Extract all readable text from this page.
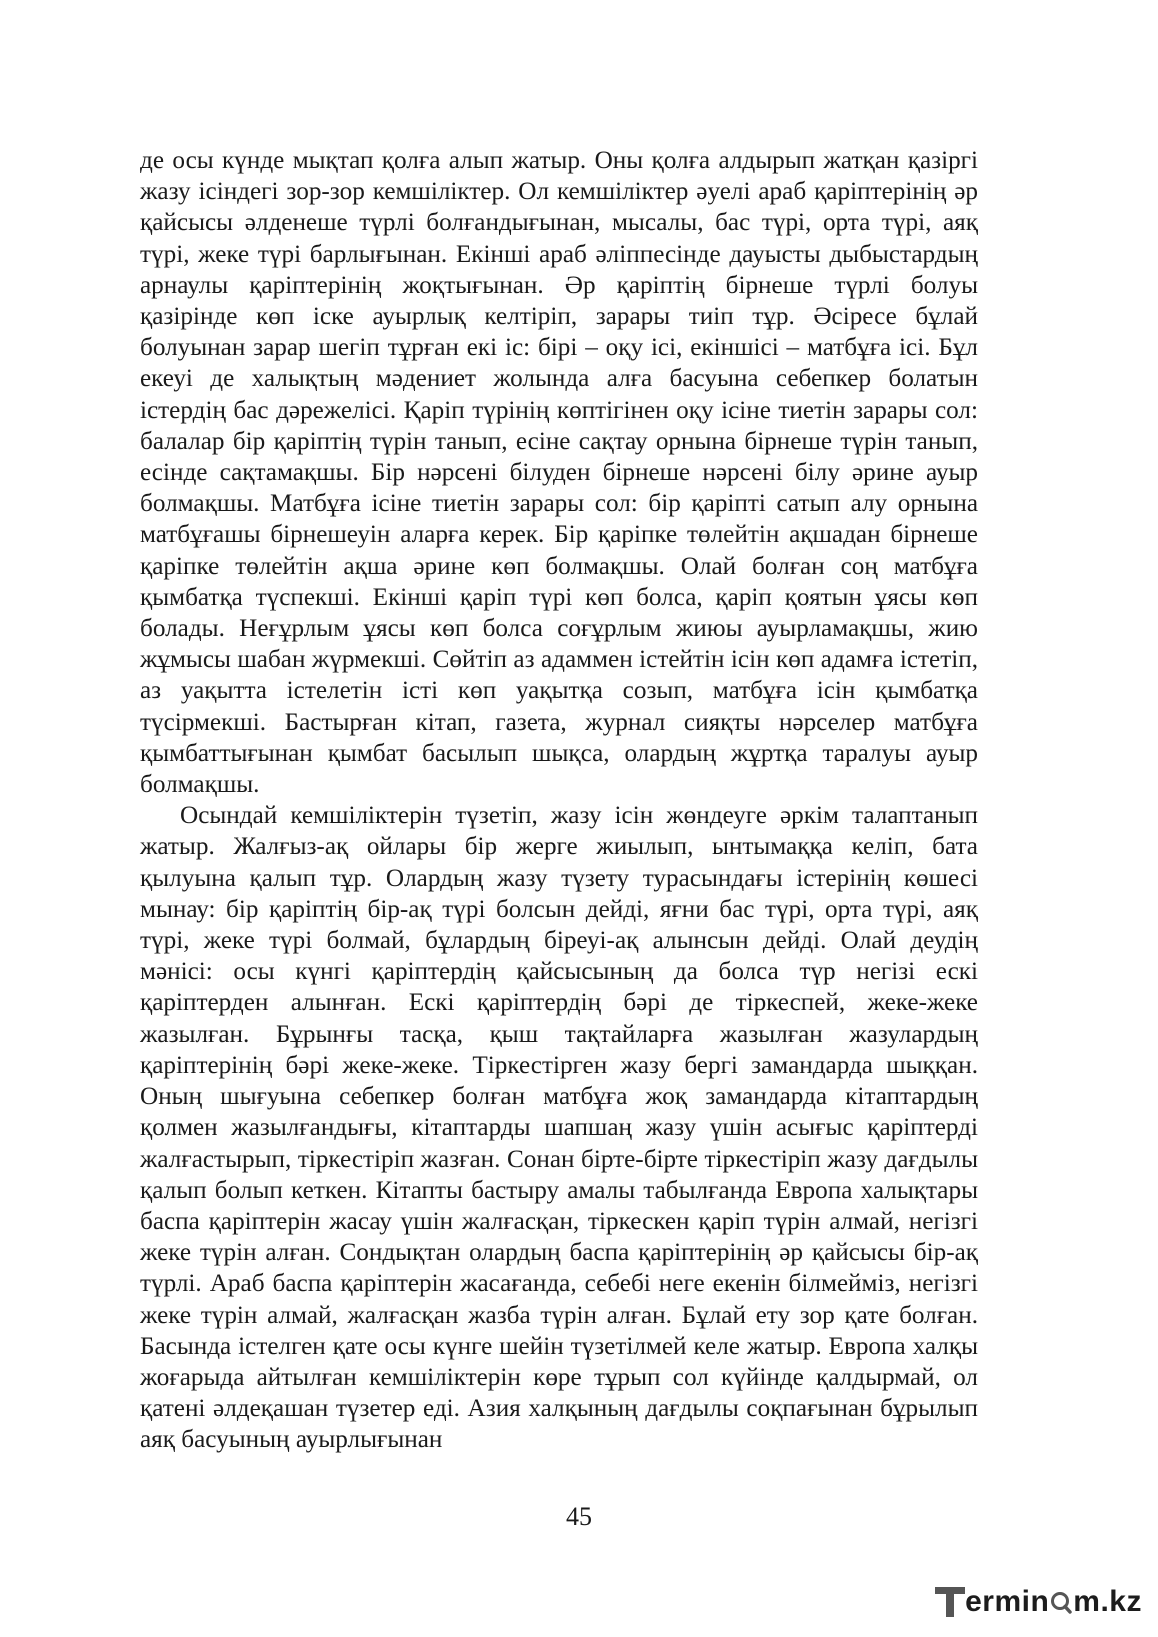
де осы күнде мықтап қолға алып жатыр. Оны қолға алдырып жатқан қазіргі жазу ісіндегі зор-зор кемшіліктер. Ол кемшіліктер әуелі араб қаріптерінің әр қайсысы әлденеше түрлі болғандығынан, мысалы, бас түрі, орта түрі, аяқ түрі, жеке түрі барлығынан. Екінші араб әліппесінде дауысты дыбыстардың арнаулы қаріптерінің жоқтығынан. Әр қаріптің бірнеше түрлі болуы қазірінде көп іске ауырлық келтіріп, зарары тиіп тұр. Әсіресе бұлай болуынан зарар шегіп тұрған екі іс: бірі – оқу ісі, екіншісі – матбұға ісі. Бұл екеуі де халықтың мәдениет жолында алға басуына себепкер болатын істердің бас дәрежелісі. Қаріп түрінің көптігінен оқу ісіне тиетін зарары сол: балалар бір қаріптің түрін танып, есіне сақтау орнына бірнеше түрін танып, есінде сақтамақшы. Бір нәрсені білуден бірнеше нәрсені білу әрине ауыр болмақшы. Матбұға ісіне тиетін зарары сол: бір қаріпті сатып алу орнына матбұғашы бірнешеуін аларға керек. Бір қаріпке төлейтін ақшадан бірнеше қаріпке төлейтін ақша әрине көп болмақшы. Олай болған соң матбұға қымбатқа түспекші. Екінші қаріп түрі көп болса, қаріп қоятын ұясы көп болады. Неғұрлым ұясы көп болса соғұрлым жиюы ауырламақшы, жию жұмысы шабан жүрмекші. Сөйтіп аз адаммен істейтін ісін көп адамға істетіп, аз уақытта істелетін істі көп уақытқа созып, матбұға ісін қымбатқа түсірмекші. Бастырған кітап, газета, журнал сияқты нәрселер матбұға қымбаттығынан қымбат басылып шықса, олардың жұртқа таралуы ауыр болмақшы.

Осындай кемшіліктерін түзетіп, жазу ісін жөндеуге әркім талаптанып жатыр. Жалғыз-ақ ойлары бір жерге жиылып, ынтымаққа келіп, бата қылуына қалып тұр. Олардың жазу түзету турасындағы істерінің көшесі мынау: бір қаріптің бір-ақ түрі болсын дейді, яғни бас түрі, орта түрі, аяқ түрі, жеке түрі болмай, бұлардың біреуі-ақ алынсын дейді. Олай деудің мәнісі: осы күнгі қаріптердің қайсысының да болса түр негізі ескі қаріптерден алынған. Ескі қаріптердің бәрі де тіркеспей, жеке-жеке жазылған. Бұрынғы тасқа, қыш тақтайларға жазылған жазулардың қаріптерінің бәрі жеке-жеке. Тіркестірген жазу бергі замандарда шыққан. Оның шығуына себепкер болған матбұға жоқ замандарда кітаптардың қолмен жазылғандығы, кітаптарды шапшаң жазу үшін асығыс қаріптерді жалғастырып, тіркестіріп жазған. Сонан бірте-бірте тіркестіріп жазу дағдылы қалып болып кеткен. Кітапты бастыру амалы табылғанда Европа халықтары баспа қаріптерін жасау үшін жалғасқан, тіркескен қаріп түрін алмай, негізгі жеке түрін алған. Сондықтан олардың баспа қаріптерінің әр қайсысы бір-ақ түрлі. Араб баспа қаріптерін жасағанда, себебі неге екенін білмейміз, негізгі жеке түрін алмай, жалғасқан жазба түрін алған. Бұлай ету зор қате болған. Басында істелген қате осы күнге шейін түзетілмей келе жатыр. Европа халқы жоғарыда айтылған кемшіліктерін көре тұрып сол күйінде қалдырмай, ол қатені әлдеқашан түзетер еді. Азия халқының дағдылы соқпағынан бұрылып аяқ басуының ауырлығынан

45
ermin m.kz
